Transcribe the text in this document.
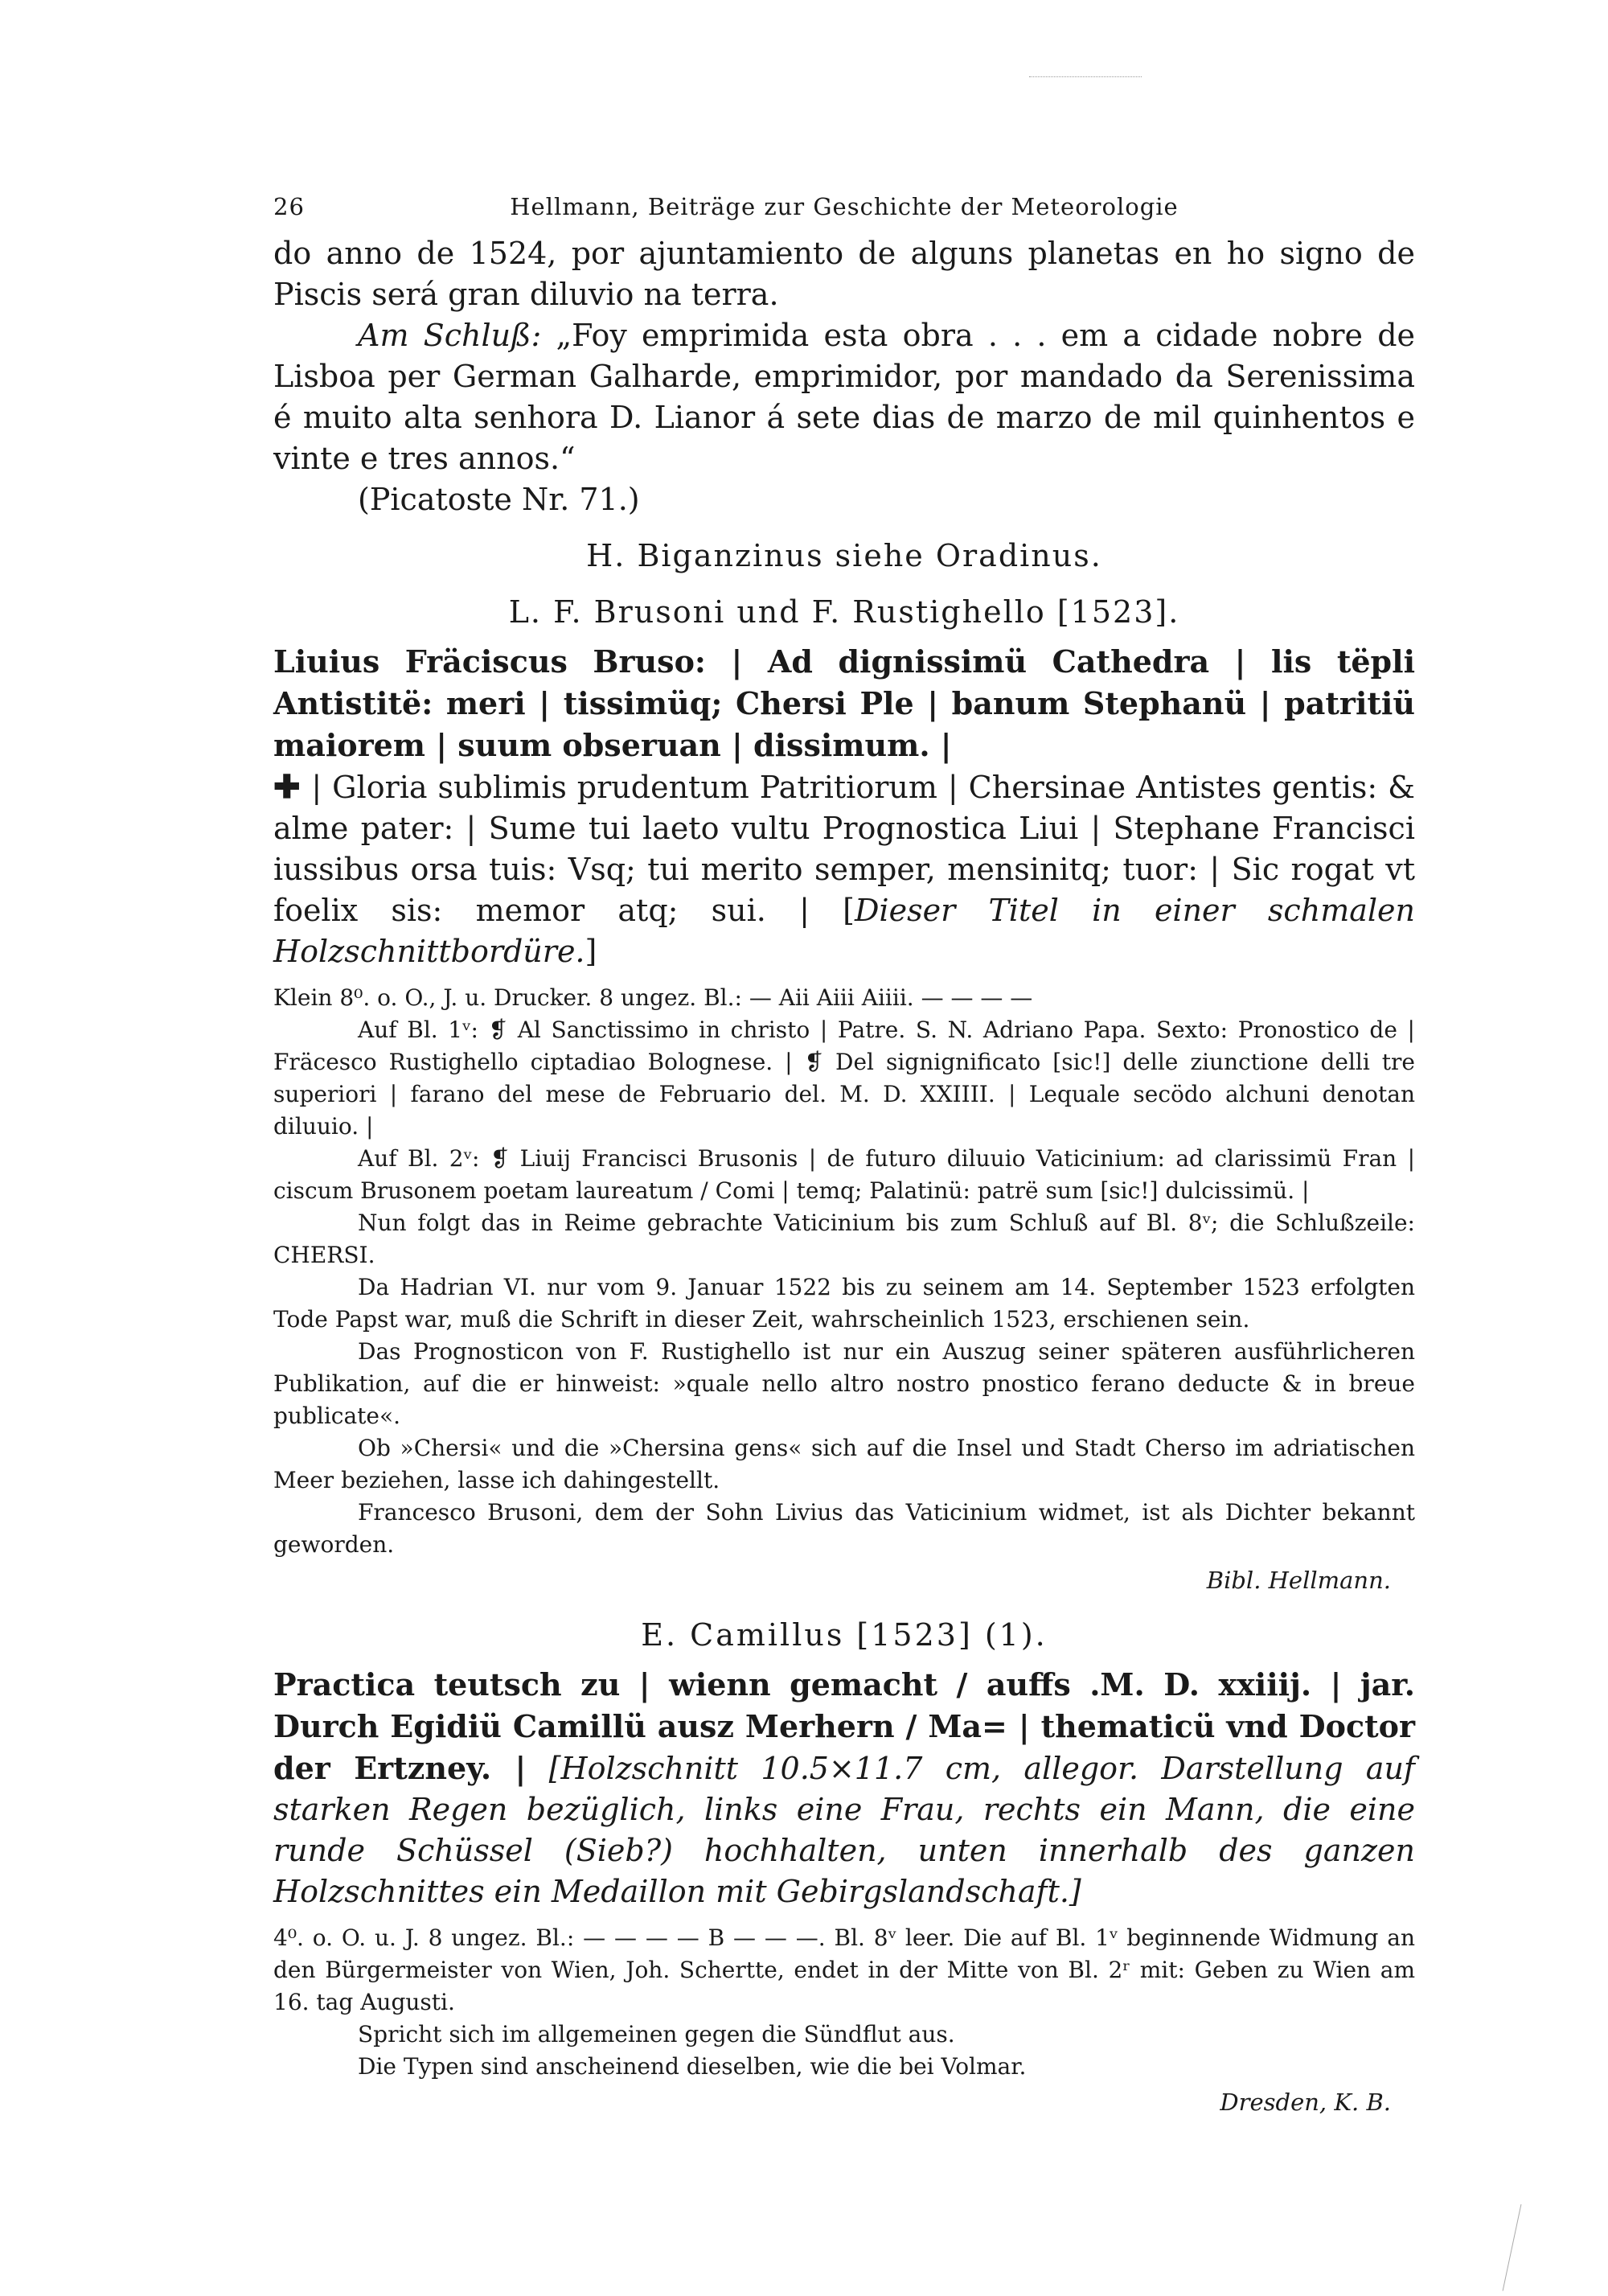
26	Hellmann, Beiträge zur Geschichte der Meteorologie

do anno de 1524, por ajuntamiento de alguns planetas en ho signo de Piscis será gran diluvio na terra.

Am Schluß: „Foy emprimida esta obra . . . em a cidade nobre de Lisboa per German Galharde, emprimidor, por mandado da Serenissima é muito alta senhora D. Lianor á sete dias de marzo de mil quinhentos e vinte e tres annos.“

(Picatoste Nr. 71.)

H. Biganzinus siehe Oradinus.
L. F. Brusoni und F. Rustighello [1523].

Liuius Fräciscus Bruso: | Ad dignissimü Cathedra | lis tëpli Antistitë: meri | tissimüq; Chersi Ple | banum Stephanü | patritiü maiorem | suum obseruan | dissimum. |
✚ | Gloria sublimis prudentum Patritiorum | Chersinae Antistes gentis: & alme pater: | Sume tui laeto vultu Prognostica Liui | Stephane Francisci iussibus orsa tuis: Vsq; tui merito semper, mensinitq; tuor: | Sic rogat vt foelix sis: memor atq; sui. | [Dieser Titel in einer schmalen Holzschnittbordüre.]

Klein 8⁰. o. O., J. u. Drucker. 8 ungez. Bl.: — Aii Aiii Aiiii. — — — —

Auf Bl. 1ᵛ: ❡ Al Sanctissimo in christo | Patre. S. N. Adriano Papa. Sexto: Pronostico de | Fräcesco Rustighello ciptadiao Bolognese. | ❡ Del signignificato [sic!] delle ziunctione delli tre superiori | farano del mese de Februario del. M. D. XXIIII. | Lequale secödo alchuni denotan diluuio. |

Auf Bl. 2ᵛ: ❡ Liuij Francisci Brusonis | de futuro diluuio Vaticinium: ad clarissimü Fran | ciscum Brusonem poetam laureatum / Comi | temq; Palatinü: patrë sum [sic!] dulcissimü. |

Nun folgt das in Reime gebrachte Vaticinium bis zum Schluß auf Bl. 8ᵛ; die Schlußzeile: CHERSI.

Da Hadrian VI. nur vom 9. Januar 1522 bis zu seinem am 14. September 1523 erfolgten Tode Papst war, muß die Schrift in dieser Zeit, wahrscheinlich 1523, erschienen sein.

Das Prognosticon von F. Rustighello ist nur ein Auszug seiner späteren ausführlicheren Publikation, auf die er hinweist: »quale nello altro nostro pnostico ferano deducte & in breue publicate«.

Ob »Chersi« und die »Chersina gens« sich auf die Insel und Stadt Cherso im adriatischen Meer beziehen, lasse ich dahingestellt.

Francesco Brusoni, dem der Sohn Livius das Vaticinium widmet, ist als Dichter bekannt geworden.

Bibl. Hellmann.

E. Camillus [1523] (1).

Practica teutsch zu | wienn gemacht / auffs .M. D. xxiiij. | jar. Durch Egidiü Camillü ausz Merhern / Ma= | thematicü vnd Doctor der Ertzney. | [Holzschnitt 10.5×11.7 cm, allegor. Darstellung auf starken Regen bezüglich, links eine Frau, rechts ein Mann, die eine runde Schüssel (Sieb?) hochhalten, unten innerhalb des ganzen Holzschnittes ein Medaillon mit Gebirgslandschaft.]

4⁰. o. O. u. J. 8 ungez. Bl.: — — — — B — — —. Bl. 8ᵛ leer. Die auf Bl. 1ᵛ beginnende Widmung an den Bürgermeister von Wien, Joh. Schertte, endet in der Mitte von Bl. 2ʳ mit: Geben zu Wien am 16. tag Augusti.

Spricht sich im allgemeinen gegen die Sündflut aus.

Die Typen sind anscheinend dieselben, wie die bei Volmar.

Dresden, K. B.
